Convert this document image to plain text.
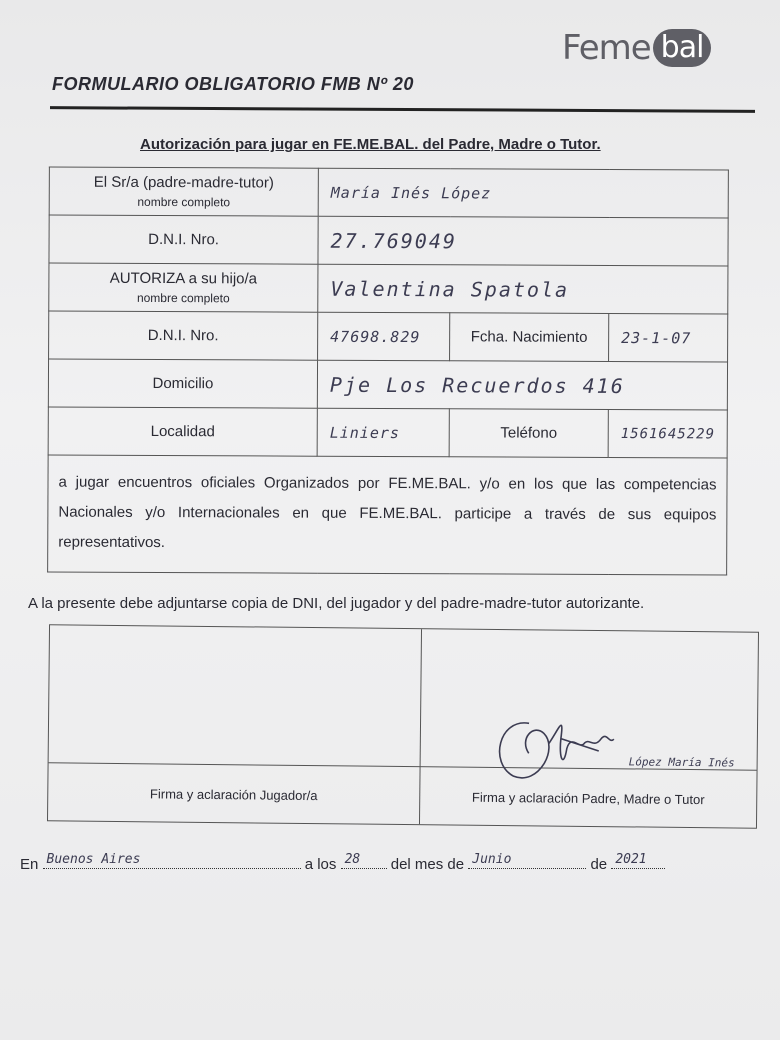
Feme bal
FORMULARIO OBLIGATORIO FMB Nº 20
Autorización para jugar en FE.ME.BAL. del Padre, Madre o Tutor.
El Sr/a (padre-madre-tutor)
nombre completo	María Inés López		
D.N.I. Nro.	27.769049		

AUTORIZA a su hijo/a
nombre completo	Valentina Spatola		
D.N.I. Nro.	47698.829	Fcha. Nacimiento	23-1-07
Domicilio	Pje Los Recuerdos 416		
Localidad	Liniers	Teléfono	1561645229
a jugar encuentros oficiales Organizados por FE.ME.BAL. y/o en los que las competencias Nacionales y/o Internacionales en que FE.ME.BAL. participe a través de sus equipos representativos.			
A la presente debe adjuntarse copia de DNI, del jugador y del padre-madre-tutor autorizante.
López María Inés
Firma y aclaración Jugador/a	Firma y aclaración Padre, Madre o Tutor
En Buenos Aires	a los 28 del mes de Junio	de 2021
